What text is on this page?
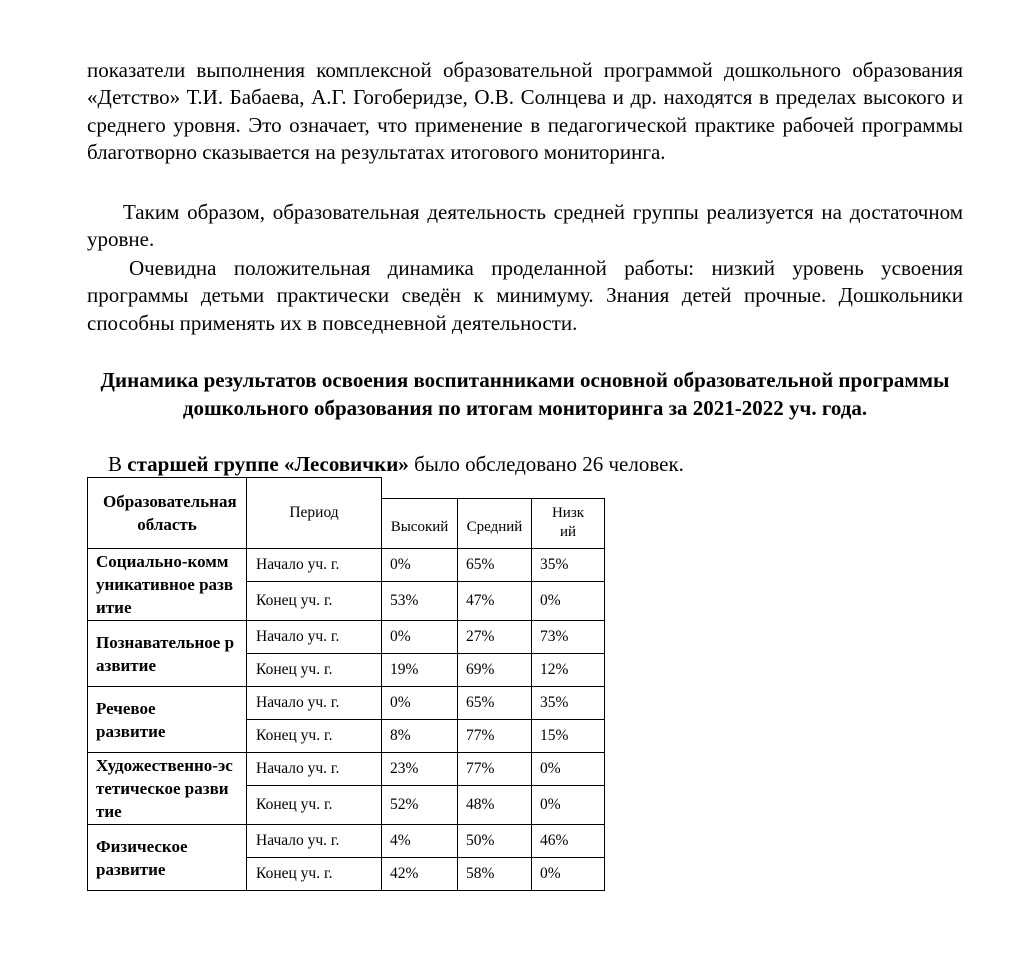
показатели выполнения комплексной образовательной программой дошкольного образования «Детство» Т.И. Бабаева, А.Г. Гогоберидзе, О.В. Солнцева и др. находятся в пределах высокого и среднего уровня. Это означает, что применение в педагогической практике рабочей программы благотворно сказывается на результатах итогового мониторинга.

Таким образом, образовательная деятельность средней группы реализуется на достаточном уровне.

Очевидна положительная динамика проделанной работы: низкий уровень усвоения программы детьми практически сведён к минимуму. Знания детей прочные. Дошкольники способны применять их в повседневной деятельности.

Динамика результатов освоения воспитанниками основной образовательной программы дошкольного образования по итогам мониторинга за 2021-2022 уч. года.

В старшей группе «Лесовички» было обследовано 26 человек.

Образовательная область	Период			
		Высокий	Средний	Низкий
Социально-коммуникативное развитие	Начало уч. г.	0%	65%	35%
	Конец уч. г.	53%	47%	0%
Познавательное развитие	Начало уч. г.	0%	27%	73%
	Конец уч. г.	19%	69%	12%
Речевое развитие	Начало уч. г.	0%	65%	35%
	Конец уч. г.	8%	77%	15%
Художественно-эстетическое развитие	Начало уч. г.	23%	77%	0%
	Конец уч. г.	52%	48%	0%
Физическое развитие	Начало уч. г.	4%	50%	46%
	Конец уч. г.	42%	58%	0%
